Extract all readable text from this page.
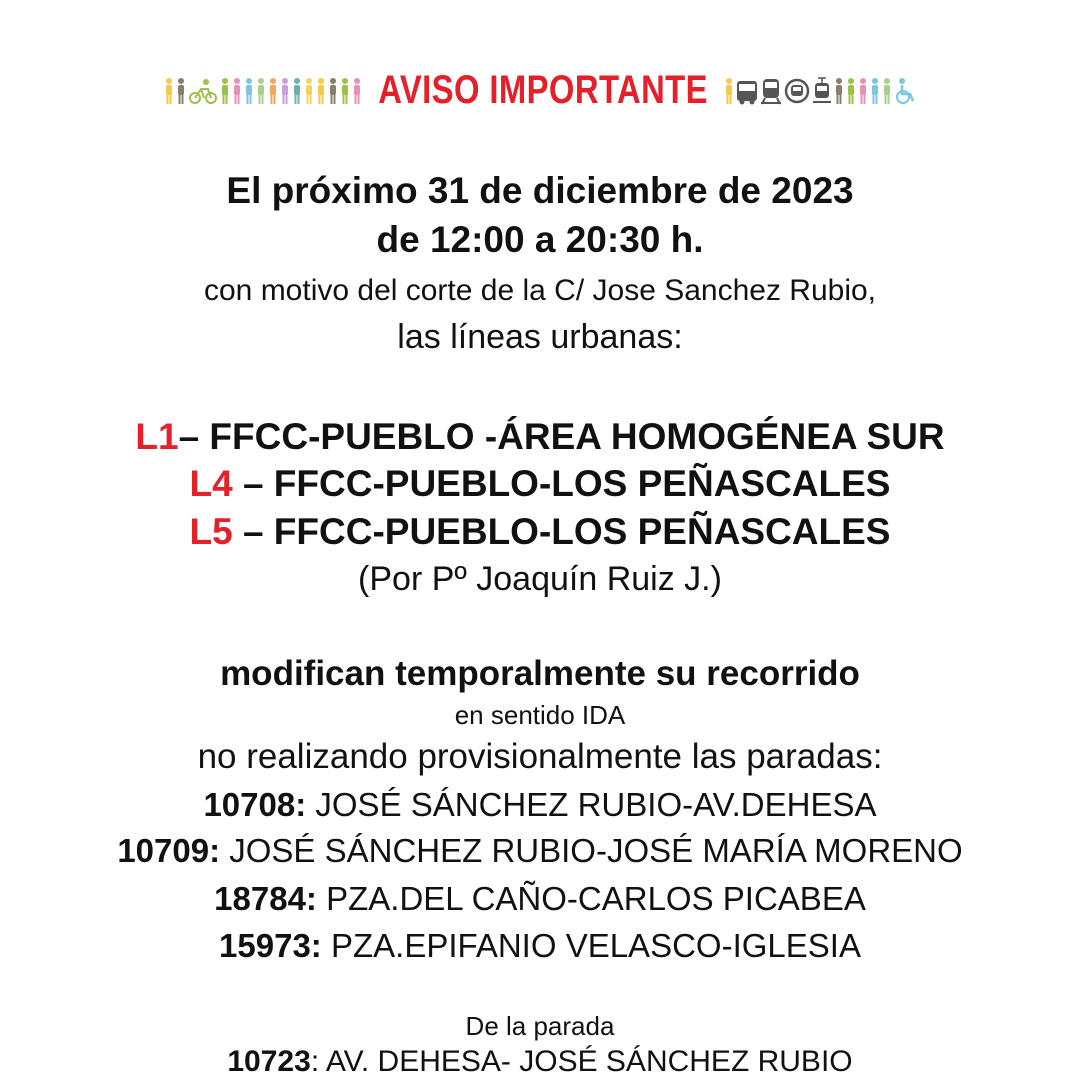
AVISO IMPORTANTE
El próximo 31 de diciembre de 2023
de 12:00 a 20:30 h.
con motivo del corte de la C/ Jose Sanchez Rubio,
las líneas urbanas:
L1– FFCC-PUEBLO -ÁREA HOMOGÉNEA SUR
L4 – FFCC-PUEBLO-LOS PEÑASCALES
L5 – FFCC-PUEBLO-LOS PEÑASCALES
(Por Pº Joaquín Ruiz J.)
modifican temporalmente su recorrido
en sentido IDA
no realizando provisionalmente las paradas:
10708: JOSÉ SÁNCHEZ RUBIO-AV.DEHESA
10709: JOSÉ SÁNCHEZ RUBIO-JOSÉ MARÍA MORENO
18784: PZA.DEL CAÑO-CARLOS PICABEA
15973: PZA.EPIFANIO VELASCO-IGLESIA
De la parada
10723: AV. DEHESA- JOSÉ SÁNCHEZ RUBIO
